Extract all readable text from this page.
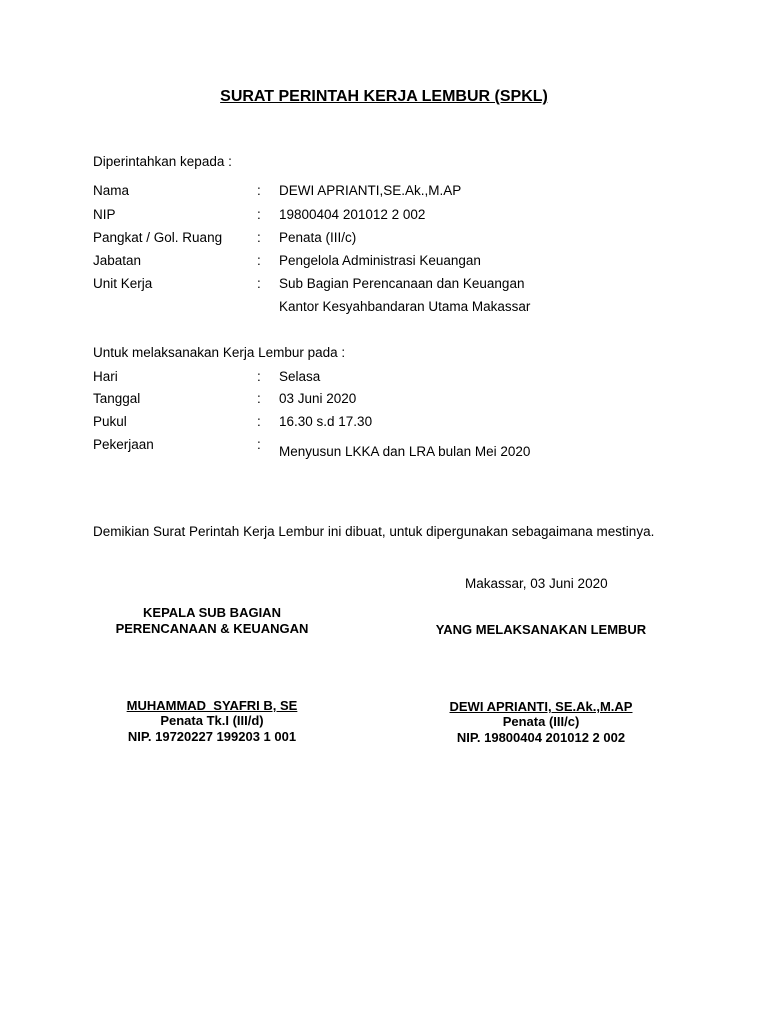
SURAT PERINTAH KERJA LEMBUR (SPKL)
Diperintahkan kepada :
Nama	: DEWI APRIANTI,SE.Ak.,M.AP
NIP	: 19800404 201012 2 002
Pangkat / Gol. Ruang	: Penata (III/c)
Jabatan	: Pengelola Administrasi Keuangan
Unit Kerja	: Sub Bagian Perencanaan dan Keuangan
Kantor Kesyahbandaran Utama Makassar
Untuk melaksanakan Kerja Lembur pada :
Hari	: Selasa
Tanggal	: 03 Juni 2020
Pukul	: 16.30 s.d 17.30
Pekerjaan	: Menyusun LKKA dan LRA bulan Mei 2020
Demikian Surat Perintah Kerja Lembur ini dibuat, untuk dipergunakan sebagaimana mestinya.
Makassar, 03 Juni 2020
KEPALA SUB BAGIAN
PERENCANAAN & KEUANGAN
MUHAMMAD  SYAFRI B, SE
Penata Tk.I (III/d)
NIP. 19720227 199203 1 001
YANG MELAKSANAKAN LEMBUR
DEWI APRIANTI, SE.Ak.,M.AP
Penata (III/c)
NIP. 19800404 201012 2 002
